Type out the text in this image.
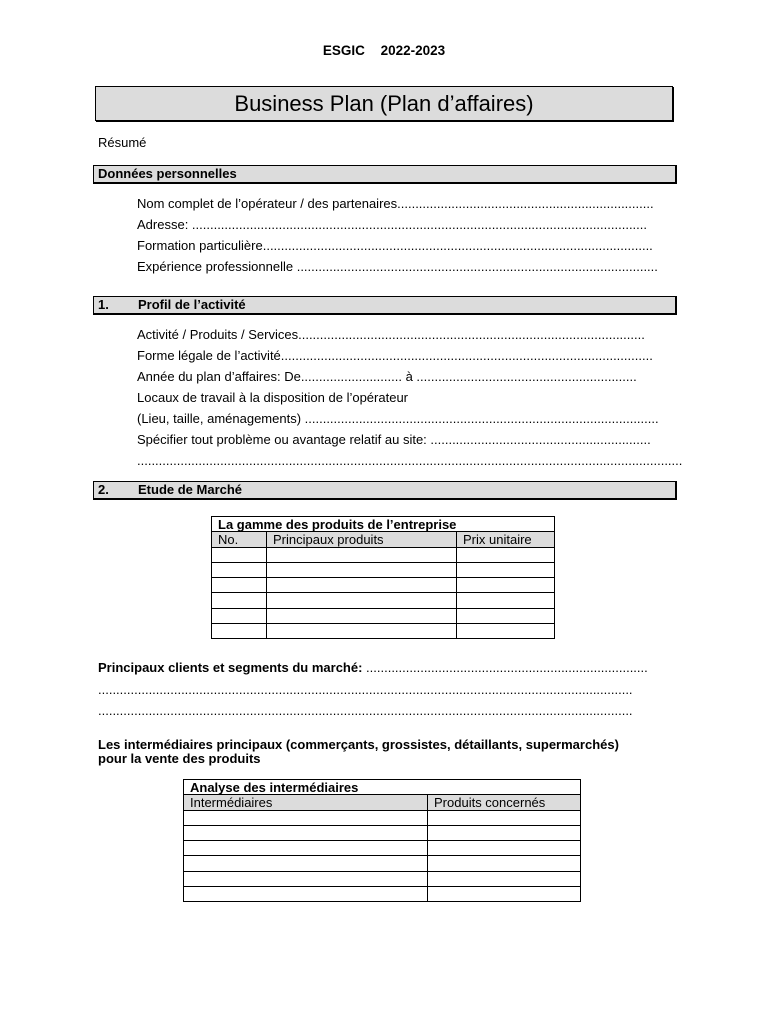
ESGIC 2022-2023
Business Plan (Plan d’affaires)
Résumé
Données personnelles
Nom complet de l’opérateur / des partenaires.......................................................................
Adresse: ..............................................................................................................................
Formation particulière............................................................................................................
Expérience professionnelle ....................................................................................................
1. Profil de l’activité
Activité / Produits / Services................................................................................................
Forme légale de l’activité.......................................................................................................
Année du plan d’affaires: De............................ à .............................................................
Locaux de travail à la disposition de l’opérateur
(Lieu, taille, aménagements) ..................................................................................................
Spécifier tout problème ou avantage relatif au site: .............................................................
.......................................................................................................................................................
2. Etude de Marché
La gamme des produits de l’entreprise		
No.	Principaux produits	Prix unitaire

Principaux clients et segments du marché: ..............................................................................
....................................................................................................................................................
....................................................................................................................................................
Les intermédiaires principaux (commerçants, grossistes, détaillants, supermarchés)
pour la vente des produits
Analyse des intermédiaires	
Intermédiaires	Produits concernés
